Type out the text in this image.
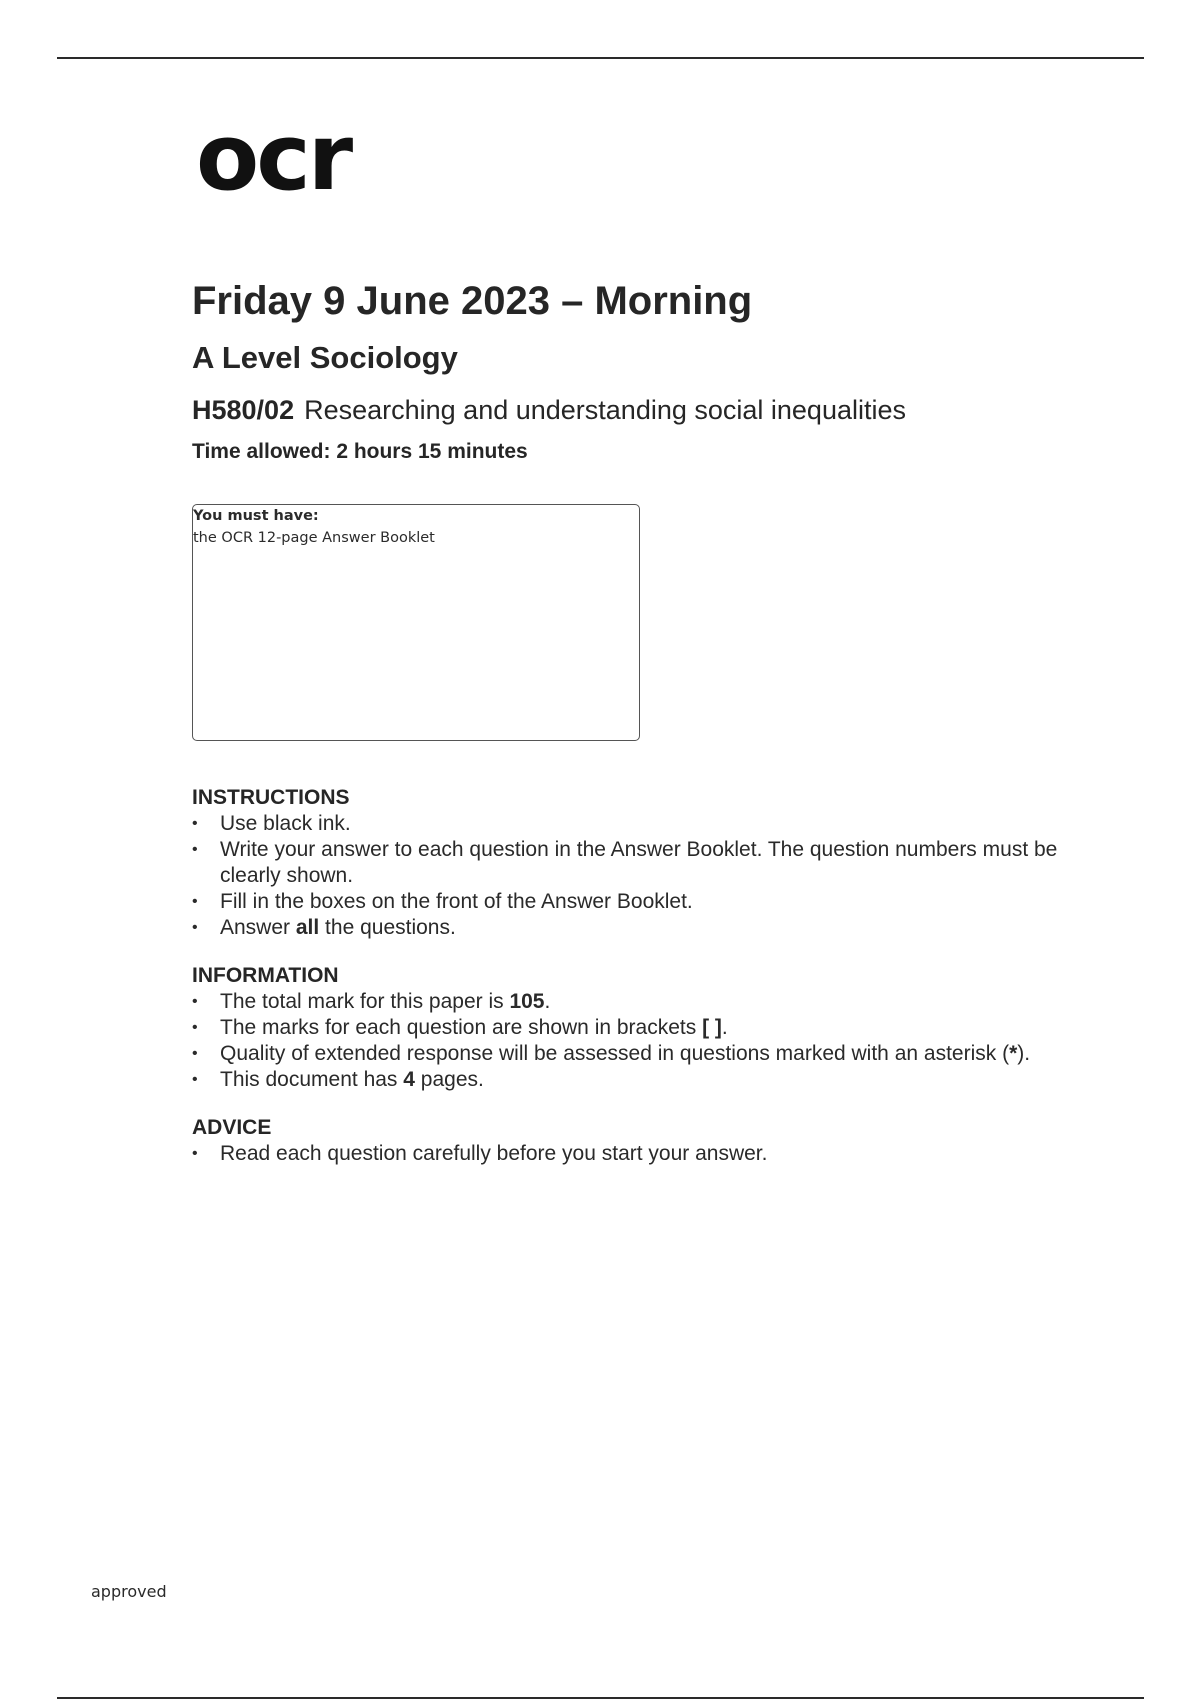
ocr
Friday 9 June 2023 – Morning
A Level Sociology

H580/02 Researching and understanding social inequalities

Time allowed: 2 hours 15 minutes

You must have:

the OCR 12-page Answer Booklet

INSTRUCTIONS
• Use black ink.
• Write your answer to each question in the Answer Booklet. The question numbers must be clearly shown.
• Fill in the boxes on the front of the Answer Booklet.
• Answer all the questions.
INFORMATION
• The total mark for this paper is 105.
• The marks for each question are shown in brackets [ ].
• Quality of extended response will be assessed in questions marked with an asterisk (*).
• This document has 4 pages.
ADVICE
• Read each question carefully before you start your answer.
approved
